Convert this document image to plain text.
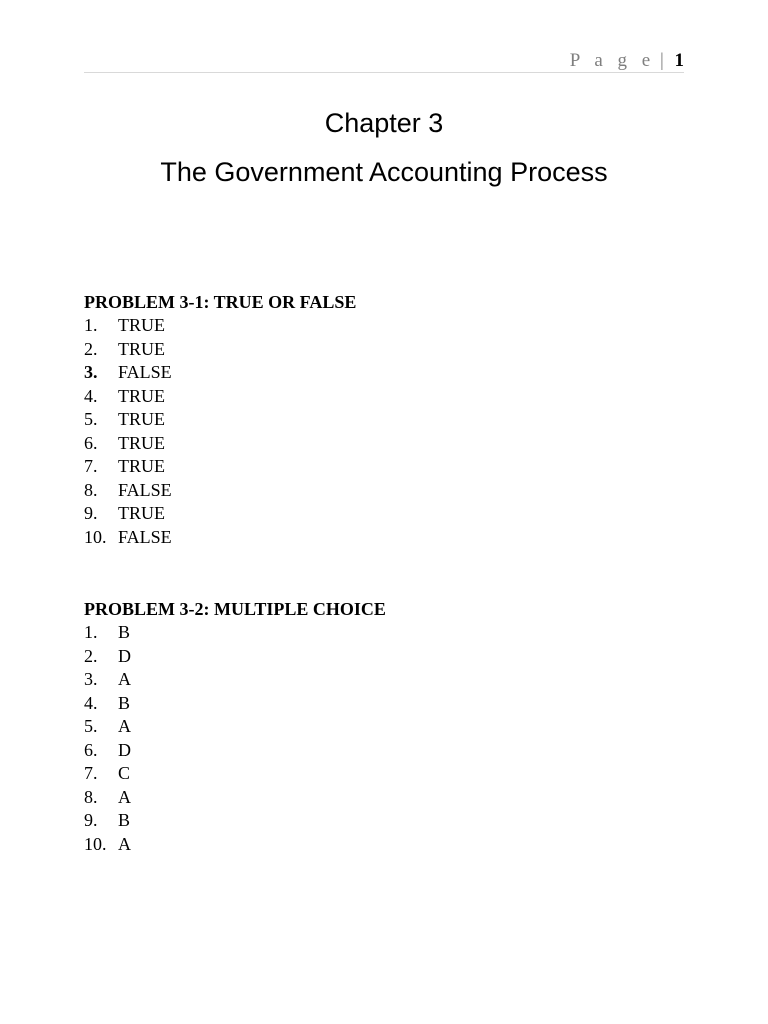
P a g e | 1
Chapter 3
The Government Accounting Process
PROBLEM 3-1: TRUE OR FALSE
1.	TRUE
2.	TRUE
3.	FALSE
4.	TRUE
5.	TRUE
6.	TRUE
7.	TRUE
8.	FALSE
9.	TRUE
10. FALSE
PROBLEM 3-2: MULTIPLE CHOICE
1.	B
2.	D
3.	A
4.	B
5.	A
6.	D
7.	C
8.	A
9.	B
10. A
